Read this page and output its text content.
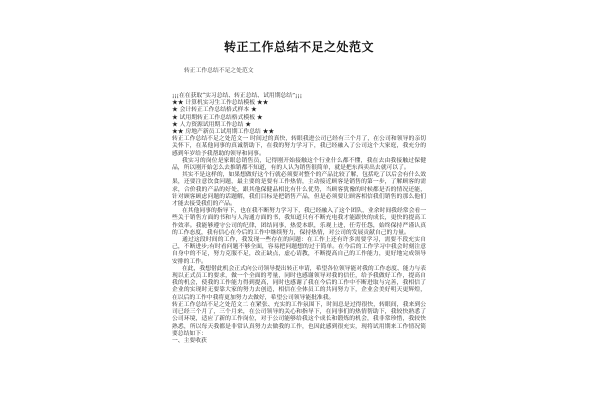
转正工作总结不足之处范文
转正工作总结不足之处范文
¡¡¡在在获取“实习总结、转正总结、试用期总结”¡¡¡
★★ 计算机实习生工作总结模板 ★★
★ 会计转正工作总结格式样本 ★
★ 试用期转正工作总结格式模板 ★
★ 人力资源试用期工作总结 ★
★★ 房地产新员工试用期工作总结 ★★

转正工作总结不足之处范文一 时间过的真快，转眼我进公司已经有三个月了，在公司和领导的亲切关怀下，在某他同事的真诚帮助下，在我的努力学习下，我已经融入了公司这个大家庭，我充分的感到年岁给予我帮助的领导和同事。

我实习的岗位是家眼总销售员，记得刚开始接触这个行业什么都不懂，我在去由我接触过保健品，所以刚开始怎么去推销都不知道，有的人认为销售很简单，就是把东西卖出去就可以了。

其实不是这样的，如果想做好这个行就必须要对整个的产品比较了解，包括吃了以后会有什么效果，还要注意饮食问题，最主要的是要有工作热情，主动接近顾客是销售的第一步，了解顾客的需求，合价我的产品的好处，跟其他保健品相比有什么优势，当顾客犹豫的时候都是否的情况还能，针对顾客顾虑问题的话题解，我们目标是把销售产品，但是必须要让顾客相信我们销售的那么他们才能去接受我们的产品。

在其他同事的指导下，也在我不断努力学习下，我已经融入了这个团队，业余时间我经常会看一些关于销售方面的书和与人沟通方面的书，我知道只有不断充电我才能跟快的成长，更快的提高工作效率。我能够遵守公司的纪律，团结同事，热爱本职，乐观上进，任劳任怨，始终保持严谨认真的工作态度，我有信心在今后的工作中继续努力，保持热情，对公司的发展贡献自己的力量。

通过这段时间的工作，我发现一些存在的问题：在工作上还有许多需要学习，需要不段充实自己，不断进步;有时看问题不够全面，容易把问题想的过于简单。在今后的工作学习中我会时刻注意自身中的不足，努力克服不足，改正缺点，虚心请教，不断提高自己的工作能力，更好地完成领导安排的工作。

在此，我想借此机会正式向公司领导提出转正申请，希望各位领导能对我的工作态度、能力与表现以正式员工的要求，做一个全面的考量，同时也感谢领导对我的信任，给予我做好工作，提高自我的机会，使我的工作能力得到提高，同时也感谢了我在今后的工作中不断进取与完善，我相信了企业的实现时无要靠大家的努力去创造，相信在全体员工的共同努力下，企业会美好明天更辉煌，在以后的工作中我将更加努力去做好，希望公司领导能批准我。

转正工作总结不足之处范文二 在紧张、充实的工作氛围下，时间总是过得很快，转眼间，我来到公司已经三个月了，三个月来，在公司领导的关心和指导下，在同事们的热情帮助下，我较快熟悉了公司环境，适应了新的工作岗位，对于公司能够给我这个成长和锻炼的机会，我非常珍惜，我较快熟悉，所以每天我都是非常认真努力去做我的工作，也因此感到很充实，现将试用期来工作情况简要总结如下：

一、主要收获
